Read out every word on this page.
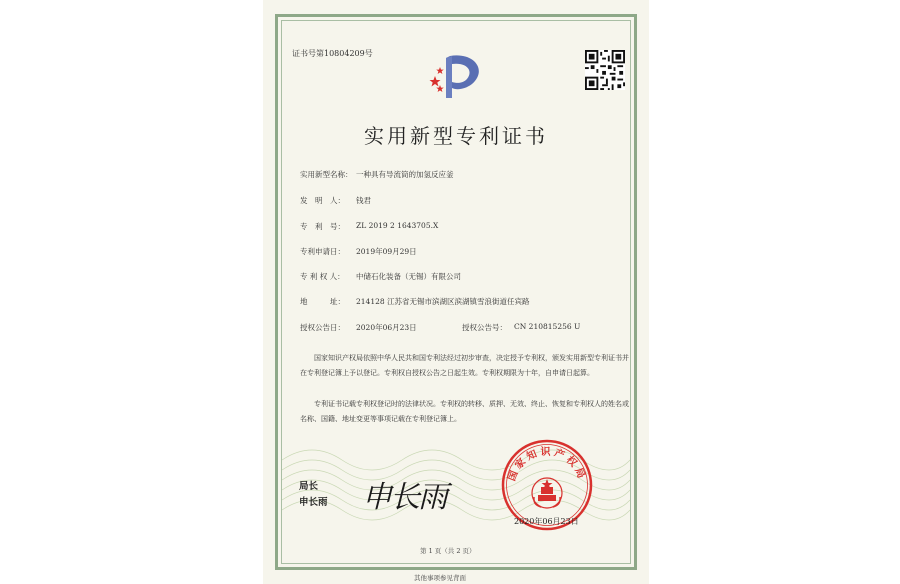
证书号第10804209号
实用新型专利证书
实用新型名称： 一种具有导流筒的加氢反应釜
发　明　人： 钱君
专　利　号： ZL 2019 2 1643705.X
专利申请日： 2019年09月29日
专 利 权 人： 中储石化装备（无锡）有限公司
地　　　址： 214128 江苏省无锡市滨湖区滨湖镇雪浪街道任宾路
授权公告日： 2020年06月23日	授权公告号： CN 210815256 U
国家知识产权局依照中华人民共和国专利法经过初步审查，决定授予专利权，颁发实用新型专利证书并在专利登记簿上予以登记。专利权自授权公告之日起生效。专利权期限为十年，自申请日起算。
专利证书记载专利权登记时的法律状况。专利权的转移、质押、无效、终止、恢复和专利权人的姓名或名称、国籍、地址变更等事项记载在专利登记簿上。
局长
申长雨 申长雨
国家知识产权局
2020年06月23日
第 1 页（共 2 页）
其他事项参见背面
